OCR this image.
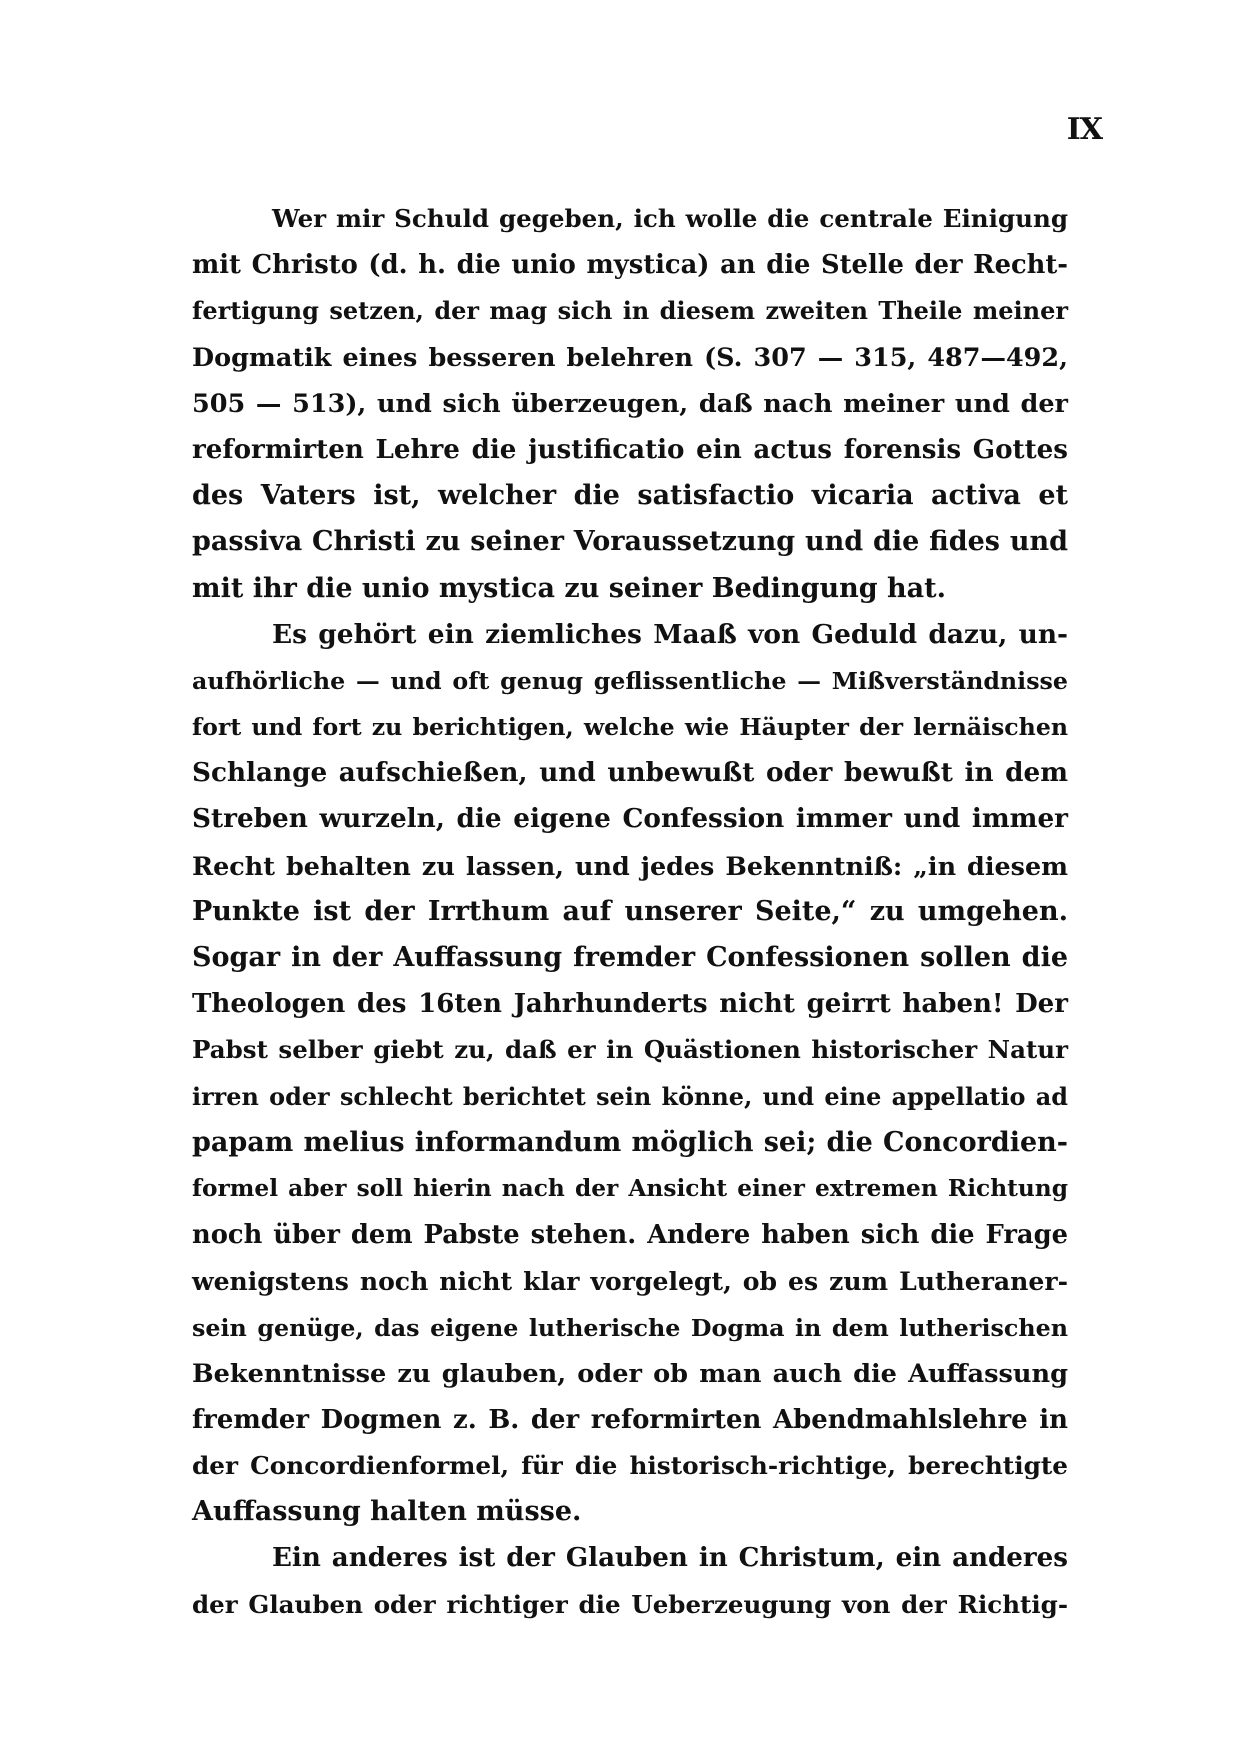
IX
Wer mir Schuld gegeben, ich wolle die centrale Einigung
mit Christo (d. h. die unio mystica) an die Stelle der Recht-
fertigung setzen, der mag sich in diesem zweiten Theile meiner
Dogmatik eines besseren belehren (S. 307 — 315, 487—492,
505 — 513), und sich überzeugen, daß nach meiner und der
reformirten Lehre die justificatio ein actus forensis Gottes
des Vaters ist, welcher die satisfactio vicaria activa et
passiva Christi zu seiner Voraussetzung und die fides und
mit ihr die unio mystica zu seiner Bedingung hat.
Es gehört ein ziemliches Maaß von Geduld dazu, un-
aufhörliche — und oft genug geflissentliche — Mißverständnisse
fort und fort zu berichtigen, welche wie Häupter der lernäischen
Schlange aufschießen, und unbewußt oder bewußt in dem
Streben wurzeln, die eigene Confession immer und immer
Recht behalten zu lassen, und jedes Bekenntniß: „in diesem
Punkte ist der Irrthum auf unserer Seite,“ zu umgehen.
Sogar in der Auffassung fremder Confessionen sollen die
Theologen des 16ten Jahrhunderts nicht geirrt haben! Der
Pabst selber giebt zu, daß er in Quästionen historischer Natur
irren oder schlecht berichtet sein könne, und eine appellatio ad
papam melius informandum möglich sei; die Concordien-
formel aber soll hierin nach der Ansicht einer extremen Richtung
noch über dem Pabste stehen. Andere haben sich die Frage
wenigstens noch nicht klar vorgelegt, ob es zum Lutheraner-
sein genüge, das eigene lutherische Dogma in dem lutherischen
Bekenntnisse zu glauben, oder ob man auch die Auffassung
fremder Dogmen z. B. der reformirten Abendmahlslehre in
der Concordienformel, für die historisch-richtige, berechtigte
Auffassung halten müsse.
Ein anderes ist der Glauben in Christum, ein anderes
der Glauben oder richtiger die Ueberzeugung von der Richtig-
